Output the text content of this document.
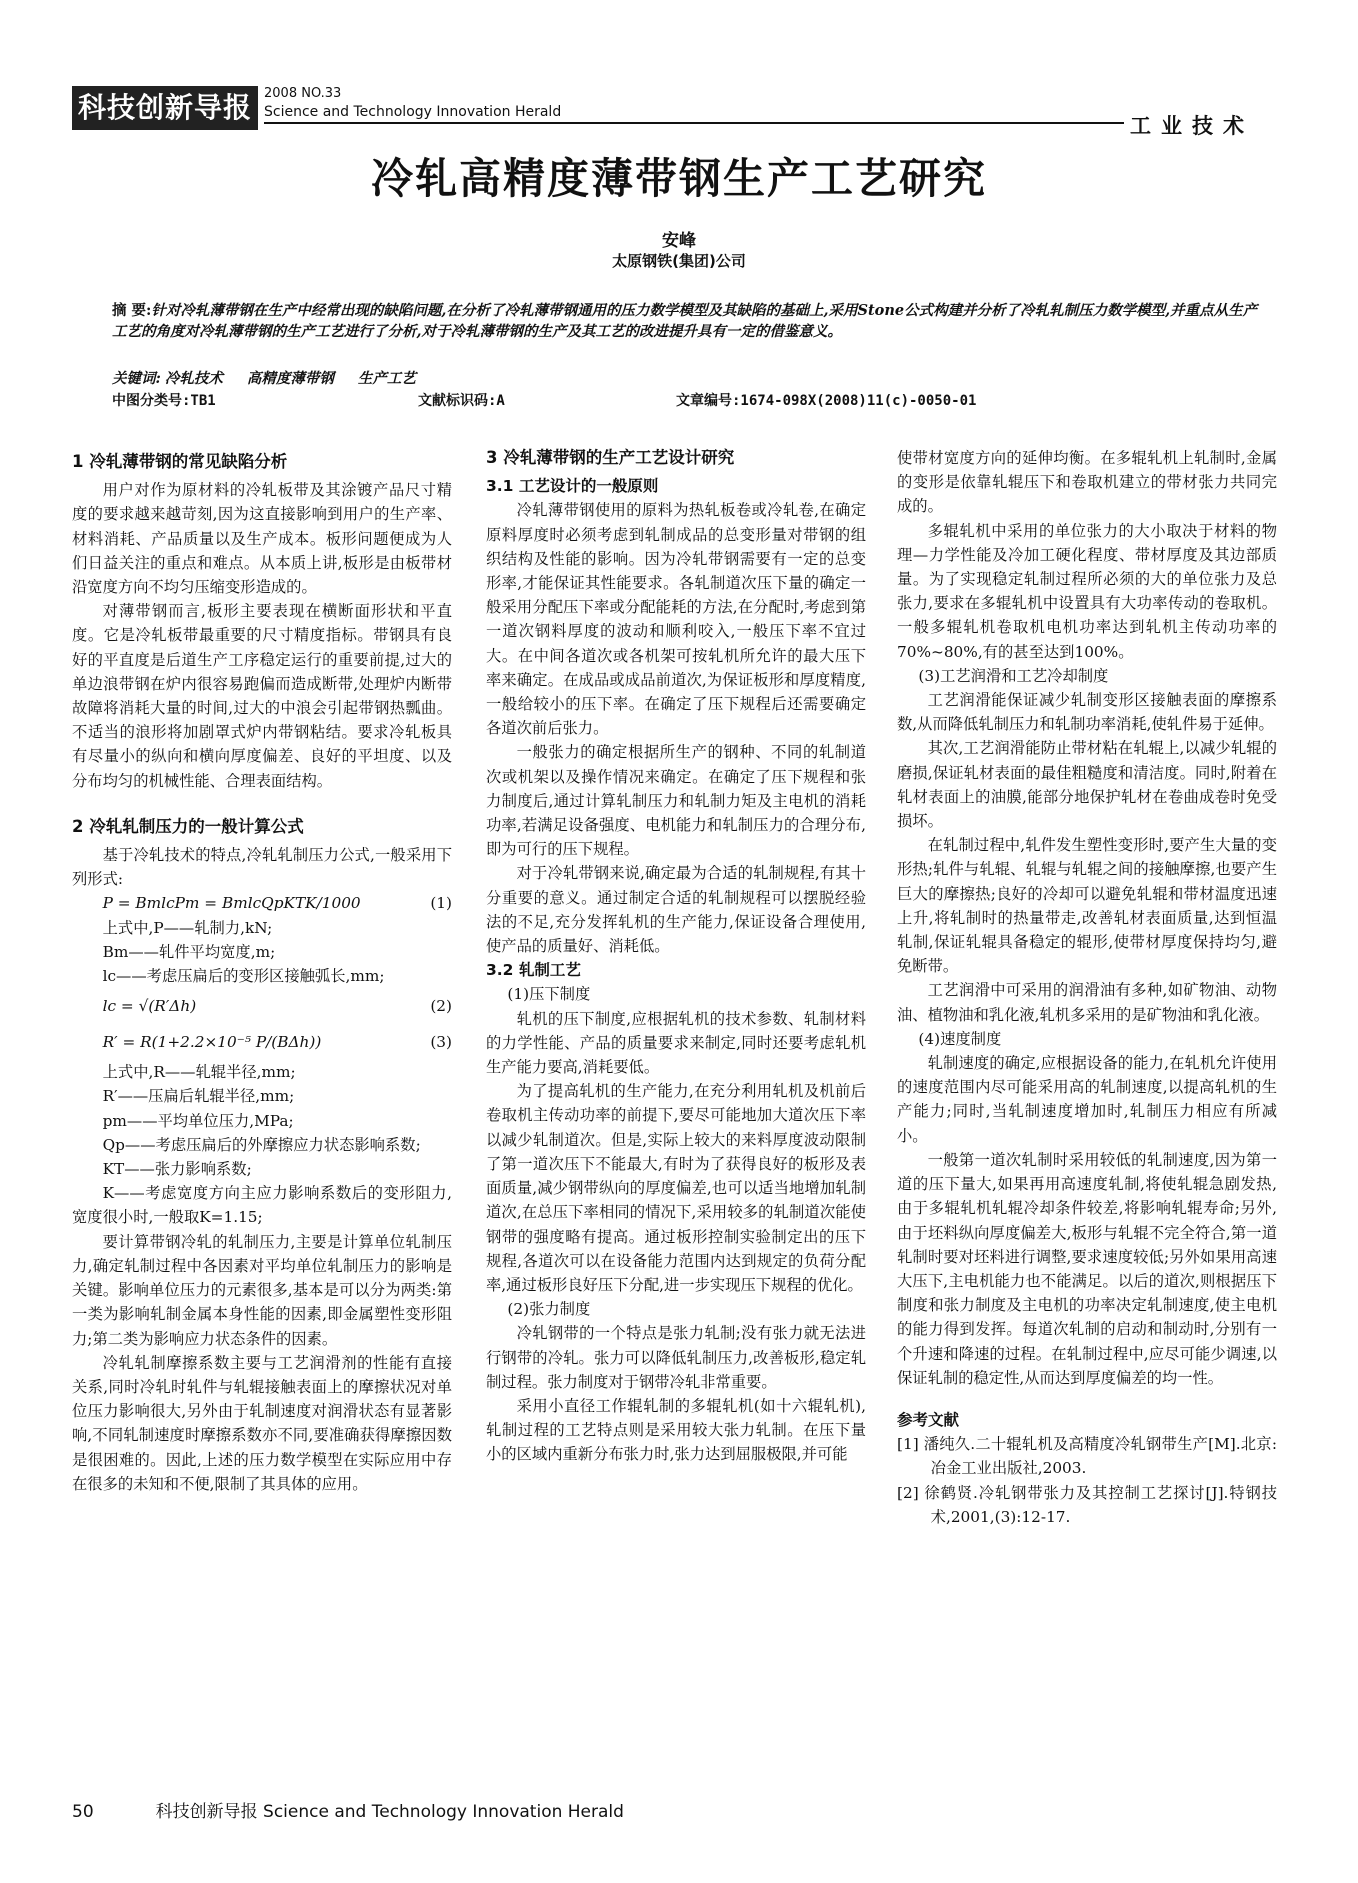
科技创新导报 2008 NO.33
Science and Technology Innovation Herald
工业技术
冷轧高精度薄带钢生产工艺研究
安峰
太原钢铁(集团)公司
摘 要:针对冷轧薄带钢在生产中经常出现的缺陷问题,在分析了冷轧薄带钢通用的压力数学模型及其缺陷的基础上,采用Stone公式构建并分析了冷轧轧制压力数学模型,并重点从生产工艺的角度对冷轧薄带钢的生产工艺进行了分析,对于冷轧薄带钢的生产及其工艺的改进提升具有一定的借鉴意义。
关键词: 冷轧技术 高精度薄带钢 生产工艺
中图分类号:TB1	文献标识码:A	文章编号:1674-098X(2008)11(c)-0050-01
1 冷轧薄带钢的常见缺陷分析

用户对作为原材料的冷轧板带及其涂镀产品尺寸精度的要求越来越苛刻,因为这直接影响到用户的生产率、材料消耗、产品质量以及生产成本。板形问题便成为人们日益关注的重点和难点。从本质上讲,板形是由板带材沿宽度方向不均匀压缩变形造成的。

对薄带钢而言,板形主要表现在横断面形状和平直度。它是冷轧板带最重要的尺寸精度指标。带钢具有良好的平直度是后道生产工序稳定运行的重要前提,过大的单边浪带钢在炉内很容易跑偏而造成断带,处理炉内断带故障将消耗大量的时间,过大的中浪会引起带钢热瓢曲。不适当的浪形将加剧罩式炉内带钢粘结。要求冷轧板具有尽量小的纵向和横向厚度偏差、良好的平坦度、以及分布均匀的机械性能、合理表面结构。

2 冷轧轧制压力的一般计算公式

基于冷轧技术的特点,冷轧轧制压力公式,一般采用下列形式:

P = BmlcPm = BmlcQpKTK/1000	(1)

上式中,P——轧制力,kN;

Bm——轧件平均宽度,m;

lc——考虑压扁后的变形区接触弧长,mm;

lc = √(R′Δh)	(2)
R′ = R(1+2.2×10⁻⁵ P/(BΔh))	(3)

上式中,R——轧辊半径,mm;

R′——压扁后轧辊半径,mm;

pm——平均单位压力,MPa;

Qp——考虑压扁后的外摩擦应力状态影响系数;

KT——张力影响系数;

K——考虑宽度方向主应力影响系数后的变形阻力,宽度很小时,一般取K=1.15;

要计算带钢冷轧的轧制压力,主要是计算单位轧制压力,确定轧制过程中各因素对平均单位轧制压力的影响是关键。影响单位压力的元素很多,基本是可以分为两类:第一类为影响轧制金属本身性能的因素,即金属塑性变形阻力;第二类为影响应力状态条件的因素。

冷轧轧制摩擦系数主要与工艺润滑剂的性能有直接关系,同时冷轧时轧件与轧辊接触表面上的摩擦状况对单位压力影响很大,另外由于轧制速度对润滑状态有显著影响,不同轧制速度时摩擦系数亦不同,要准确获得摩擦因数是很困难的。因此,上述的压力数学模型在实际应用中存在很多的未知和不便,限制了其具体的应用。

3 冷轧薄带钢的生产工艺设计研究
3.1 工艺设计的一般原则

冷轧薄带钢使用的原料为热轧板卷或冷轧卷,在确定原料厚度时必须考虑到轧制成品的总变形量对带钢的组织结构及性能的影响。因为冷轧带钢需要有一定的总变形率,才能保证其性能要求。各轧制道次压下量的确定一般采用分配压下率或分配能耗的方法,在分配时,考虑到第一道次钢料厚度的波动和顺利咬入,一般压下率不宜过大。在中间各道次或各机架可按轧机所允许的最大压下率来确定。在成品或成品前道次,为保证板形和厚度精度,一般给较小的压下率。在确定了压下规程后还需要确定各道次前后张力。

一般张力的确定根据所生产的钢种、不同的轧制道次或机架以及操作情况来确定。在确定了压下规程和张力制度后,通过计算轧制压力和轧制力矩及主电机的消耗功率,若满足设备强度、电机能力和轧制压力的合理分布,即为可行的压下规程。

对于冷轧带钢来说,确定最为合适的轧制规程,有其十分重要的意义。通过制定合适的轧制规程可以摆脱经验法的不足,充分发挥轧机的生产能力,保证设备合理使用,使产品的质量好、消耗低。

3.2 轧制工艺
(1)压下制度

轧机的压下制度,应根据轧机的技术参数、轧制材料的力学性能、产品的质量要求来制定,同时还要考虑轧机生产能力要高,消耗要低。

为了提高轧机的生产能力,在充分利用轧机及机前后卷取机主传动功率的前提下,要尽可能地加大道次压下率以减少轧制道次。但是,实际上较大的来料厚度波动限制了第一道次压下不能最大,有时为了获得良好的板形及表面质量,减少钢带纵向的厚度偏差,也可以适当地增加轧制道次,在总压下率相同的情况下,采用较多的轧制道次能使钢带的强度略有提高。通过板形控制实验制定出的压下规程,各道次可以在设备能力范围内达到规定的负荷分配率,通过板形良好压下分配,进一步实现压下规程的优化。

(2)张力制度

冷轧钢带的一个特点是张力轧制;没有张力就无法进行钢带的冷轧。张力可以降低轧制压力,改善板形,稳定轧制过程。张力制度对于钢带冷轧非常重要。

采用小直径工作辊轧制的多辊轧机(如十六辊轧机),轧制过程的工艺特点则是采用较大张力轧制。在压下量小的区域内重新分布张力时,张力达到屈服极限,并可能

使带材宽度方向的延伸均衡。在多辊轧机上轧制时,金属的变形是依靠轧辊压下和卷取机建立的带材张力共同完成的。

多辊轧机中采用的单位张力的大小取决于材料的物理—力学性能及冷加工硬化程度、带材厚度及其边部质量。为了实现稳定轧制过程所必须的大的单位张力及总张力,要求在多辊轧机中设置具有大功率传动的卷取机。一般多辊轧机卷取机电机功率达到轧机主传动功率的70%~80%,有的甚至达到100%。

(3)工艺润滑和工艺冷却制度

工艺润滑能保证减少轧制变形区接触表面的摩擦系数,从而降低轧制压力和轧制功率消耗,使轧件易于延伸。

其次,工艺润滑能防止带材粘在轧辊上,以减少轧辊的磨损,保证轧材表面的最佳粗糙度和清洁度。同时,附着在轧材表面上的油膜,能部分地保护轧材在卷曲成卷时免受损坏。

在轧制过程中,轧件发生塑性变形时,要产生大量的变形热;轧件与轧辊、轧辊与轧辊之间的接触摩擦,也要产生巨大的摩擦热;良好的冷却可以避免轧辊和带材温度迅速上升,将轧制时的热量带走,改善轧材表面质量,达到恒温轧制,保证轧辊具备稳定的辊形,使带材厚度保持均匀,避免断带。

工艺润滑中可采用的润滑油有多种,如矿物油、动物油、植物油和乳化液,轧机多采用的是矿物油和乳化液。

(4)速度制度

轧制速度的确定,应根据设备的能力,在轧机允许使用的速度范围内尽可能采用高的轧制速度,以提高轧机的生产能力;同时,当轧制速度增加时,轧制压力相应有所减小。

一般第一道次轧制时采用较低的轧制速度,因为第一道的压下量大,如果再用高速度轧制,将使轧辊急剧发热,由于多辊轧机轧辊冷却条件较差,将影响轧辊寿命;另外,由于坯料纵向厚度偏差大,板形与轧辊不完全符合,第一道轧制时要对坯料进行调整,要求速度较低;另外如果用高速大压下,主电机能力也不能满足。以后的道次,则根据压下制度和张力制度及主电机的功率决定轧制速度,使主电机的能力得到发挥。每道次轧制的启动和制动时,分别有一个升速和降速的过程。在轧制过程中,应尽可能少调速,以保证轧制的稳定性,从而达到厚度偏差的均一性。

参考文献

[1] 潘纯久.二十辊轧机及高精度冷轧钢带生产[M].北京:冶金工业出版社,2003.

[2] 徐鹤贤.冷轧钢带张力及其控制工艺探讨[J].特钢技术,2001,(3):12-17.

50	科技创新导报 Science and Technology Innovation Herald
